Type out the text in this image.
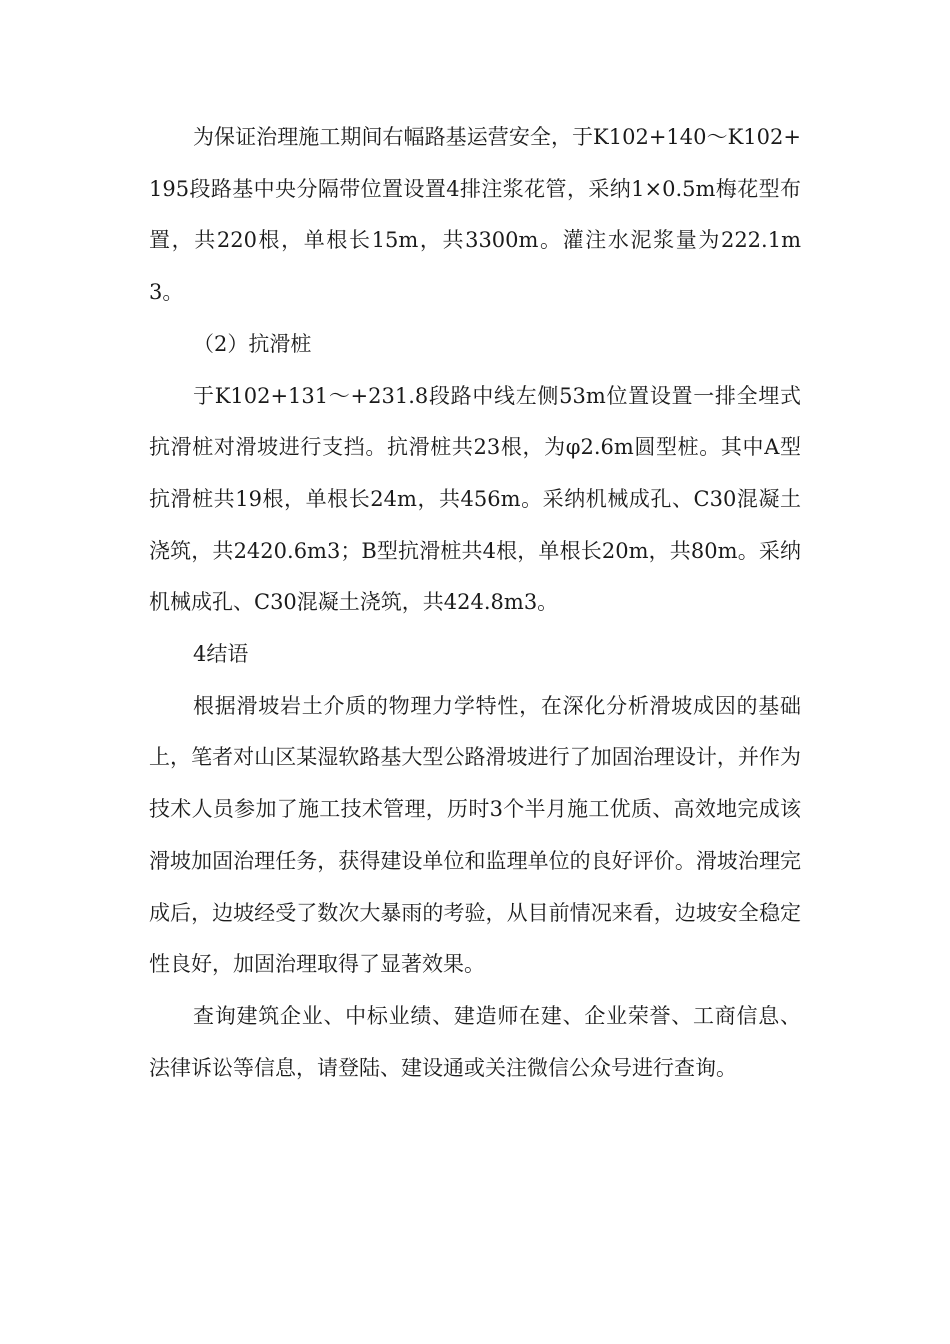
为保证治理施工期间右幅路基运营安全，于K102+140～K102+195段路基中央分隔带位置设置4排注浆花管，采纳1×0.5m梅花型布置，共220根，单根长15m，共3300m。灌注水泥浆量为222.1m3。

（2）抗滑桩

于K102+131～+231.8段路中线左侧53m位置设置一排全埋式抗滑桩对滑坡进行支挡。抗滑桩共23根，为φ2.6m圆型桩。其中A型抗滑桩共19根，单根长24m，共456m。采纳机械成孔、C30混凝土浇筑，共2420.6m3；B型抗滑桩共4根，单根长20m，共80m。采纳机械成孔、C30混凝土浇筑，共424.8m3。

4结语

根据滑坡岩土介质的物理力学特性，在深化分析滑坡成因的基础上，笔者对山区某湿软路基大型公路滑坡进行了加固治理设计，并作为技术人员参加了施工技术管理，历时3个半月施工优质、高效地完成该滑坡加固治理任务，获得建设单位和监理单位的良好评价。滑坡治理完成后，边坡经受了数次大暴雨的考验，从目前情况来看，边坡安全稳定性良好，加固治理取得了显著效果。

查询建筑企业、中标业绩、建造师在建、企业荣誉、工商信息、法律诉讼等信息，请登陆、建设通或关注微信公众号进行查询。
